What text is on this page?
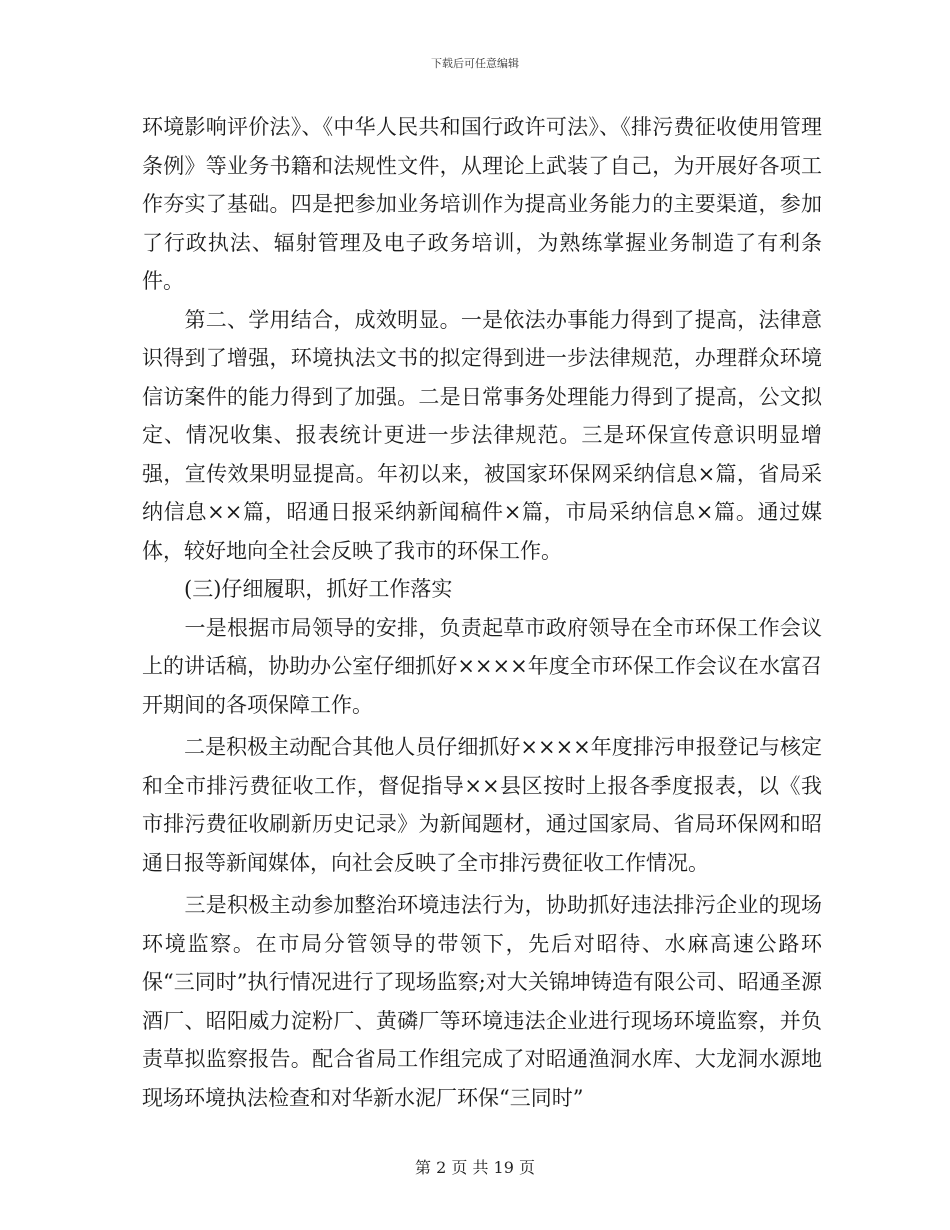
下载后可任意编辑

环境影响评价法》、《中华人民共和国行政许可法》、《排污费征收使用管理条例》等业务书籍和法规性文件，从理论上武装了自己，为开展好各项工作夯实了基础。四是把参加业务培训作为提高业务能力的主要渠道，参加了行政执法、辐射管理及电子政务培训，为熟练掌握业务制造了有利条件。

　　第二、学用结合，成效明显。一是依法办事能力得到了提高，法律意识得到了增强，环境执法文书的拟定得到进一步法律规范，办理群众环境信访案件的能力得到了加强。二是日常事务处理能力得到了提高，公文拟定、情况收集、报表统计更进一步法律规范。三是环保宣传意识明显增强，宣传效果明显提高。年初以来，被国家环保网采纳信息×篇，省局采纳信息××篇，昭通日报采纳新闻稿件×篇，市局采纳信息×篇。通过媒体，较好地向全社会反映了我市的环保工作。

　　(三)仔细履职，抓好工作落实

　　一是根据市局领导的安排，负责起草市政府领导在全市环保工作会议上的讲话稿，协助办公室仔细抓好××××年度全市环保工作会议在水富召开期间的各项保障工作。

　　二是积极主动配合其他人员仔细抓好××××年度排污申报登记与核定和全市排污费征收工作，督促指导××县区按时上报各季度报表，以《我市排污费征收刷新历史记录》为新闻题材，通过国家局、省局环保网和昭通日报等新闻媒体，向社会反映了全市排污费征收工作情况。

　　三是积极主动参加整治环境违法行为，协助抓好违法排污企业的现场环境监察。在市局分管领导的带领下，先后对昭待、水麻高速公路环保“三同时”执行情况进行了现场监察;对大关锦坤铸造有限公司、昭通圣源酒厂、昭阳威力淀粉厂、黄磷厂等环境违法企业进行现场环境监察，并负责草拟监察报告。配合省局工作组完成了对昭通渔洞水库、大龙洞水源地现场环境执法检查和对华新水泥厂环保“三同时”

第 2 页 共 19 页
